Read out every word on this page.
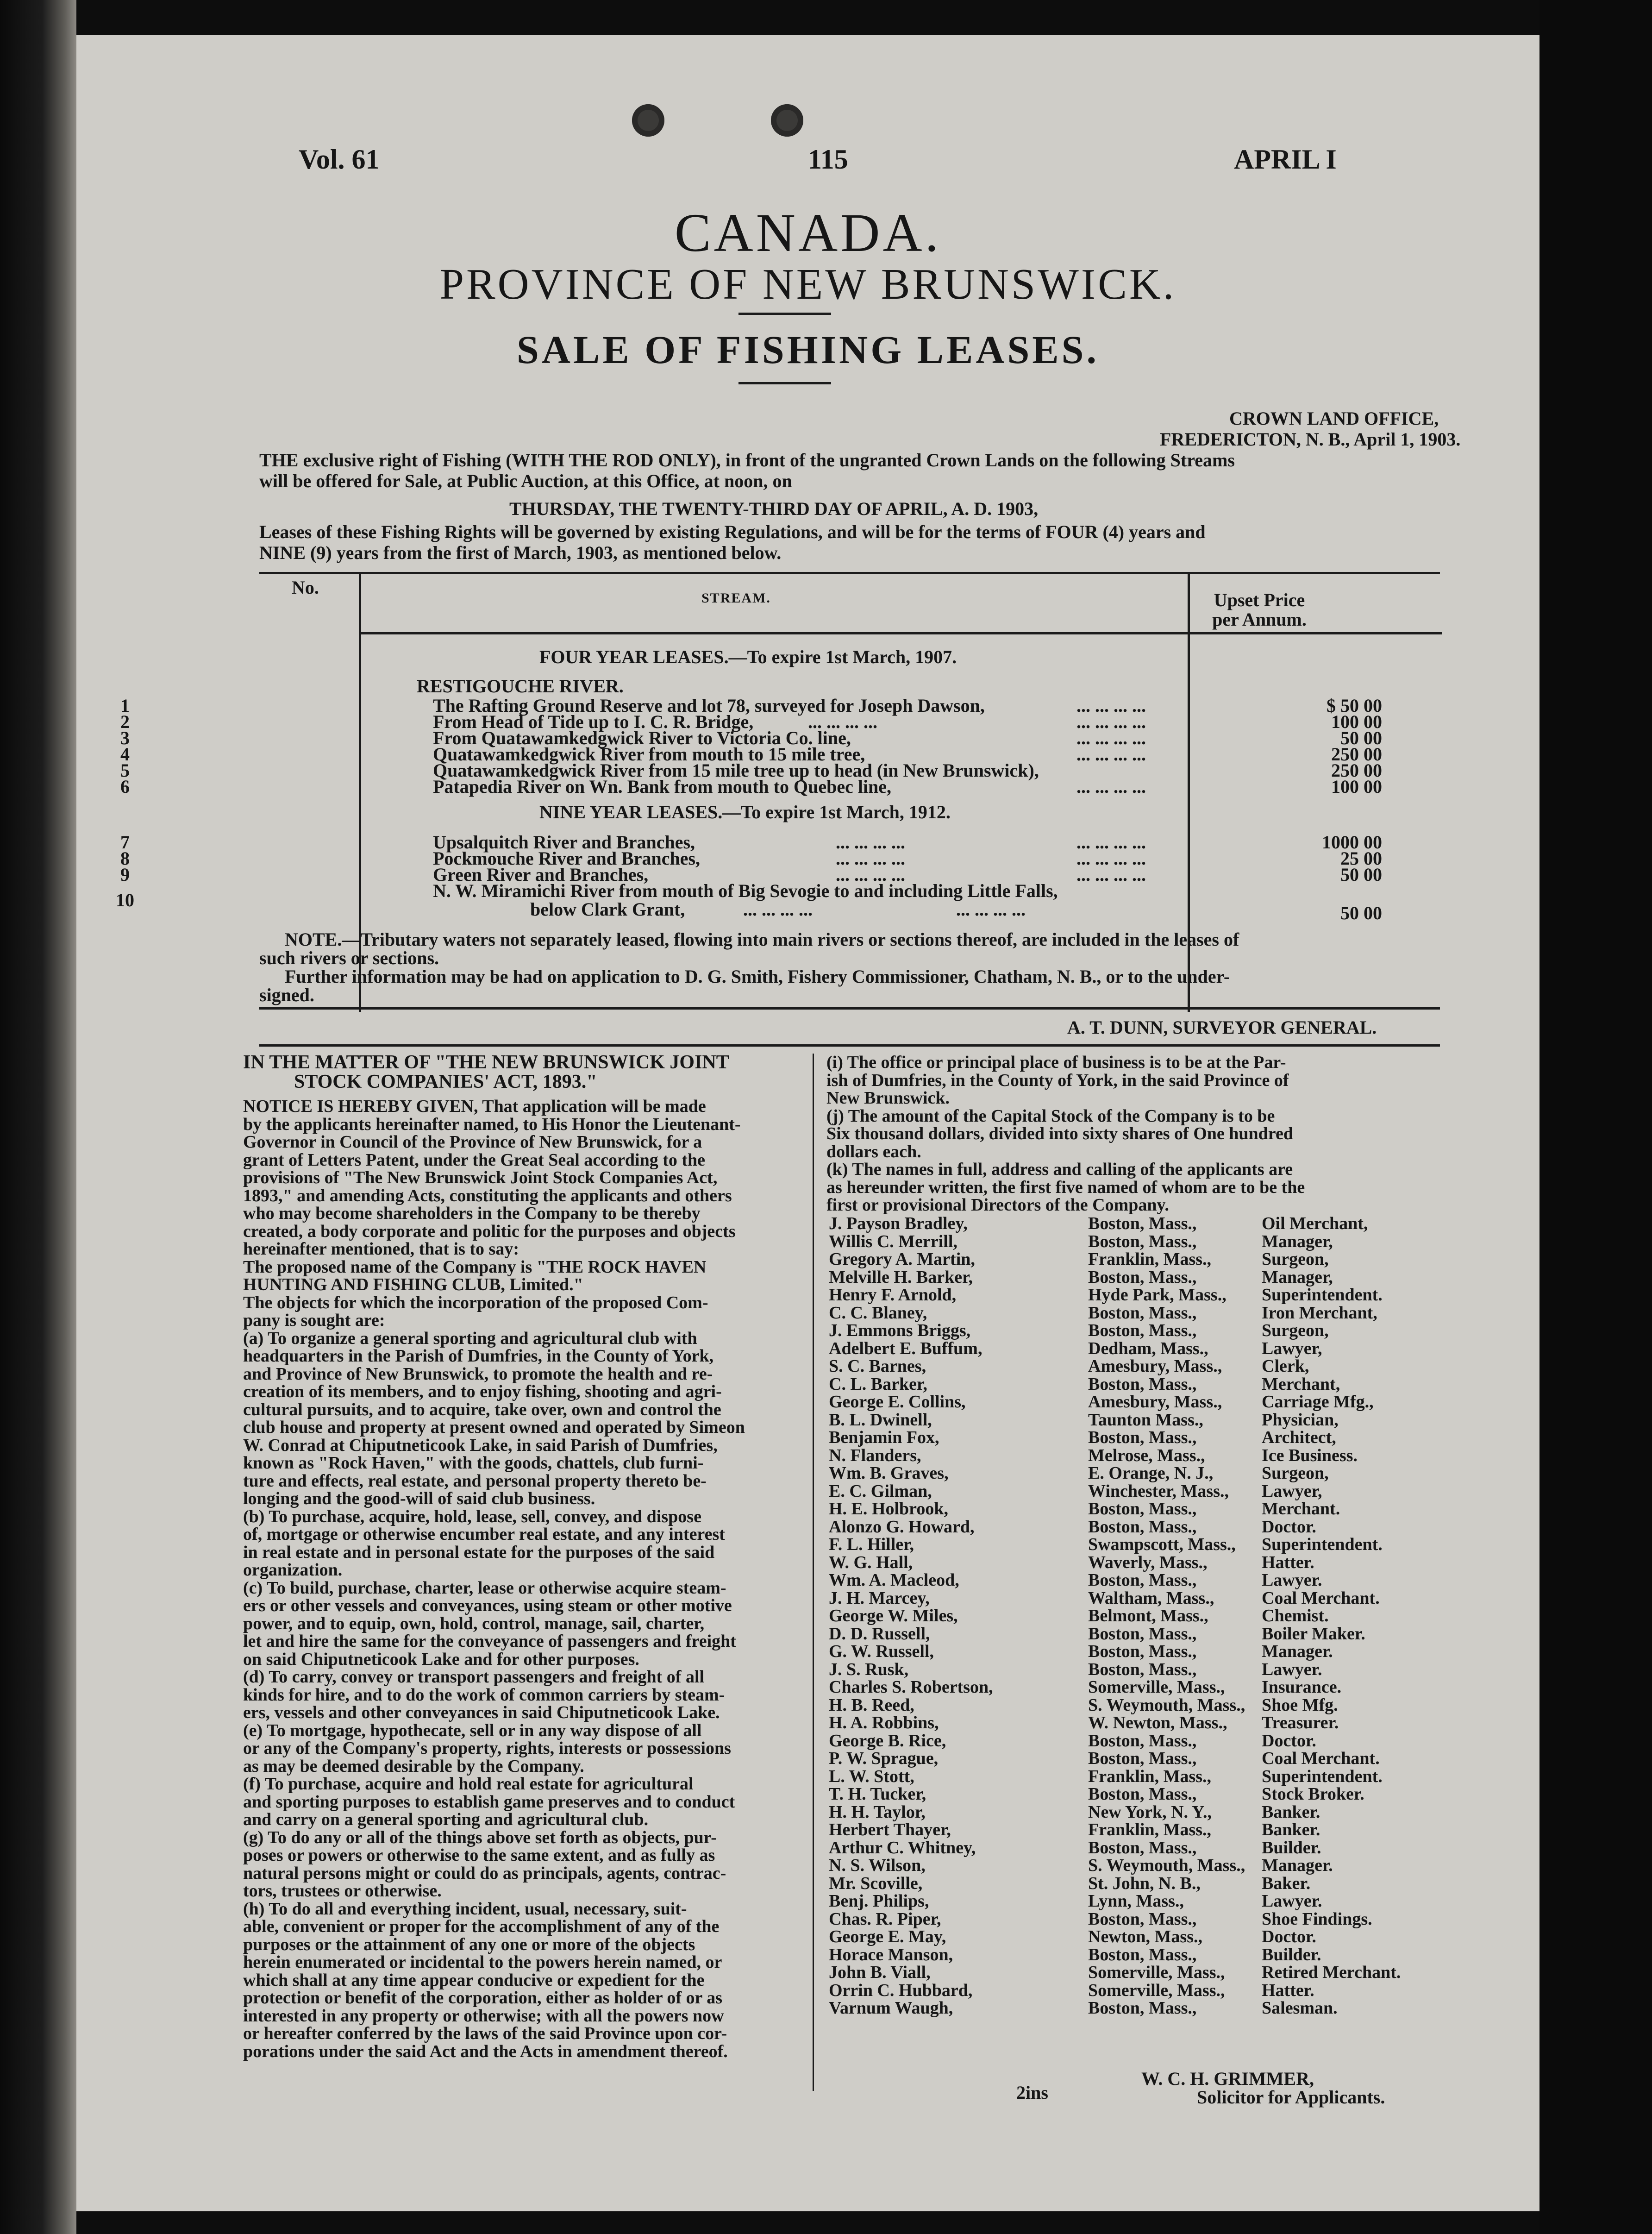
Vol. 61	115	APRIL I
CANADA.
PROVINCE OF NEW BRUNSWICK.
SALE OF FISHING LEASES.
CROWN LAND OFFICE,
FREDERICTON, N. B., April 1, 1903.
THE exclusive right of Fishing (WITH THE ROD ONLY), in front of the ungranted Crown Lands on the following Streams
will be offered for Sale, at Public Auction, at this Office, at noon, on
THURSDAY, THE TWENTY-THIRD DAY OF APRIL, A. D. 1903,
Leases of these Fishing Rights will be governed by existing Regulations, and will be for the terms of FOUR (4) years and
NINE (9) years from the first of March, 1903, as mentioned below.
No.
STREAM.	Upset Price per Annum.
FOUR YEAR LEASES.—To expire 1st March, 1907.
RESTIGOUCHE RIVER.
1	The Rafting Ground Reserve and lot 78, surveyed for Joseph Dawson,	... ... ... ...	$ 50 00
2	From Head of Tide up to I. C. R. Bridge,	... ... ... ...	... ... ... ...	100 00
3	From Quatawamkedgwick River to Victoria Co. line,	... ... ... ...	50 00
4	Quatawamkedgwick River from mouth to 15 mile tree,	... ... ... ...	250 00
5	Quatawamkedgwick River from 15 mile tree up to head (in New Brunswick),	250 00
6	Patapedia River on Wn. Bank from mouth to Quebec line,	... ... ... ...	100 00
NINE YEAR LEASES.—To expire 1st March, 1912.
7	Upsalquitch River and Branches,	... ... ... ...	... ... ... ...	1000 00
8	Pockmouche River and Branches,	... ... ... ...	... ... ... ...	25 00
9	Green River and Branches,	... ... ... ...	... ... ... ...	50 00
10	N. W. Miramichi River from mouth of Big Sevogie to and including Little Falls,
below Clark Grant,	... ... ... ...	... ... ... ...	50 00
NOTE.—Tributary waters not separately leased, flowing into main rivers or sections thereof, are included in the leases of
such rivers or sections.
Further information may be had on application to D. G. Smith, Fishery Commissioner, Chatham, N. B., or to the under-
signed.
A. T. DUNN, SURVEYOR GENERAL.
IN THE MATTER OF "THE NEW BRUNSWICK JOINT
STOCK COMPANIES' ACT, 1893."
NOTICE IS HEREBY GIVEN, That application will be made
by the applicants hereinafter named, to His Honor the Lieutenant-
Governor in Council of the Province of New Brunswick, for a
grant of Letters Patent, under the Great Seal according to the
provisions of "The New Brunswick Joint Stock Companies Act,
1893," and amending Acts, constituting the applicants and others
who may become shareholders in the Company to be thereby
created, a body corporate and politic for the purposes and objects
hereinafter mentioned, that is to say:
The proposed name of the Company is "THE ROCK HAVEN
HUNTING AND FISHING CLUB, Limited."
The objects for which the incorporation of the proposed Com-
pany is sought are:
(a) To organize a general sporting and agricultural club with
headquarters in the Parish of Dumfries, in the County of York,
and Province of New Brunswick, to promote the health and re-
creation of its members, and to enjoy fishing, shooting and agri-
cultural pursuits, and to acquire, take over, own and control the
club house and property at present owned and operated by Simeon
W. Conrad at Chiputneticook Lake, in said Parish of Dumfries,
known as "Rock Haven," with the goods, chattels, club furni-
ture and effects, real estate, and personal property thereto be-
longing and the good-will of said club business.
(b) To purchase, acquire, hold, lease, sell, convey, and dispose
of, mortgage or otherwise encumber real estate, and any interest
in real estate and in personal estate for the purposes of the said
organization.
(c) To build, purchase, charter, lease or otherwise acquire steam-
ers or other vessels and conveyances, using steam or other motive
power, and to equip, own, hold, control, manage, sail, charter,
let and hire the same for the conveyance of passengers and freight
on said Chiputneticook Lake and for other purposes.
(d) To carry, convey or transport passengers and freight of all
kinds for hire, and to do the work of common carriers by steam-
ers, vessels and other conveyances in said Chiputneticook Lake.
(e) To mortgage, hypothecate, sell or in any way dispose of all
or any of the Company's property, rights, interests or possessions
as may be deemed desirable by the Company.
(f) To purchase, acquire and hold real estate for agricultural
and sporting purposes to establish game preserves and to conduct
and carry on a general sporting and agricultural club.
(g) To do any or all of the things above set forth as objects, pur-
poses or powers or otherwise to the same extent, and as fully as
natural persons might or could do as principals, agents, contrac-
tors, trustees or otherwise.
(h) To do all and everything incident, usual, necessary, suit-
able, convenient or proper for the accomplishment of any of the
purposes or the attainment of any one or more of the objects
herein enumerated or incidental to the powers herein named, or
which shall at any time appear conducive or expedient for the
protection or benefit of the corporation, either as holder of or as
interested in any property or otherwise; with all the powers now
or hereafter conferred by the laws of the said Province upon cor-
porations under the said Act and the Acts in amendment thereof.
(i) The office or principal place of business is to be at the Par-
ish of Dumfries, in the County of York, in the said Province of
New Brunswick.
(j) The amount of the Capital Stock of the Company is to be
Six thousand dollars, divided into sixty shares of One hundred
dollars each.
(k) The names in full, address and calling of the applicants are
as hereunder written, the first five named of whom are to be the
first or provisional Directors of the Company.
J. Payson Bradley,	Boston, Mass.,	Oil Merchant,
Willis C. Merrill,	Boston, Mass.,	Manager,
Gregory A. Martin,	Franklin, Mass.,	Surgeon,
Melville H. Barker,	Boston, Mass.,	Manager,
Henry F. Arnold,	Hyde Park, Mass., Superintendent.
C. C. Blaney,	Boston, Mass.,	Iron Merchant,
J. Emmons Briggs,	Boston, Mass.,	Surgeon,
Adelbert E. Buffum,	Dedham, Mass.,	Lawyer,
S. C. Barnes,	Amesbury, Mass., Clerk,
C. L. Barker,	Boston, Mass.,	Merchant,
George E. Collins,	Amesbury, Mass., Carriage Mfg.,
B. L. Dwinell,	Taunton Mass.,	Physician,
Benjamin Fox,	Boston, Mass.,	Architect,
N. Flanders,	Melrose, Mass.,	Ice Business.
Wm. B. Graves,	E. Orange, N. J.,	Surgeon,
E. C. Gilman,	Winchester, Mass., Lawyer,
H. E. Holbrook,	Boston, Mass.,	Merchant.
Alonzo G. Howard,	Boston, Mass.,	Doctor.
F. L. Hiller,	Swampscott, Mass., Superintendent.
W. G. Hall,	Waverly, Mass.,	Hatter.
Wm. A. Macleod,	Boston, Mass.,	Lawyer.
J. H. Marcey,	Waltham, Mass.,	Coal Merchant.
George W. Miles,	Belmont, Mass.,	Chemist.
D. D. Russell,	Boston, Mass.,	Boiler Maker.
G. W. Russell,	Boston, Mass.,	Manager.
J. S. Rusk,	Boston, Mass.,	Lawyer.
Charles S. Robertson,	Somerville, Mass., Insurance.
H. B. Reed,	S. Weymouth, Mass., Shoe Mfg.
H. A. Robbins,	W. Newton, Mass., Treasurer.
George B. Rice,	Boston, Mass.,	Doctor.
P. W. Sprague,	Boston, Mass.,	Coal Merchant.
L. W. Stott,	Franklin, Mass.,	Superintendent.
T. H. Tucker,	Boston, Mass.,	Stock Broker.
H. H. Taylor,	New York, N. Y.,	Banker.
Herbert Thayer,	Franklin, Mass.,	Banker.
Arthur C. Whitney,	Boston, Mass.,	Builder.
N. S. Wilson,	S. Weymouth, Mass., Manager.
Mr. Scoville,	St. John, N. B.,	Baker.
Benj. Philips,	Lynn, Mass.,	Lawyer.
Chas. R. Piper,	Boston, Mass.,	Shoe Findings.
George E. May,	Newton, Mass.,	Doctor.
Horace Manson,	Boston, Mass.,	Builder.
John B. Viall,	Somerville, Mass., Retired Merchant.
Orrin C. Hubbard,	Somerville, Mass., Hatter.
Varnum Waugh,	Boston, Mass.,	Salesman.
2ins
W. C. H. GRIMMER,
Solicitor for Applicants.
